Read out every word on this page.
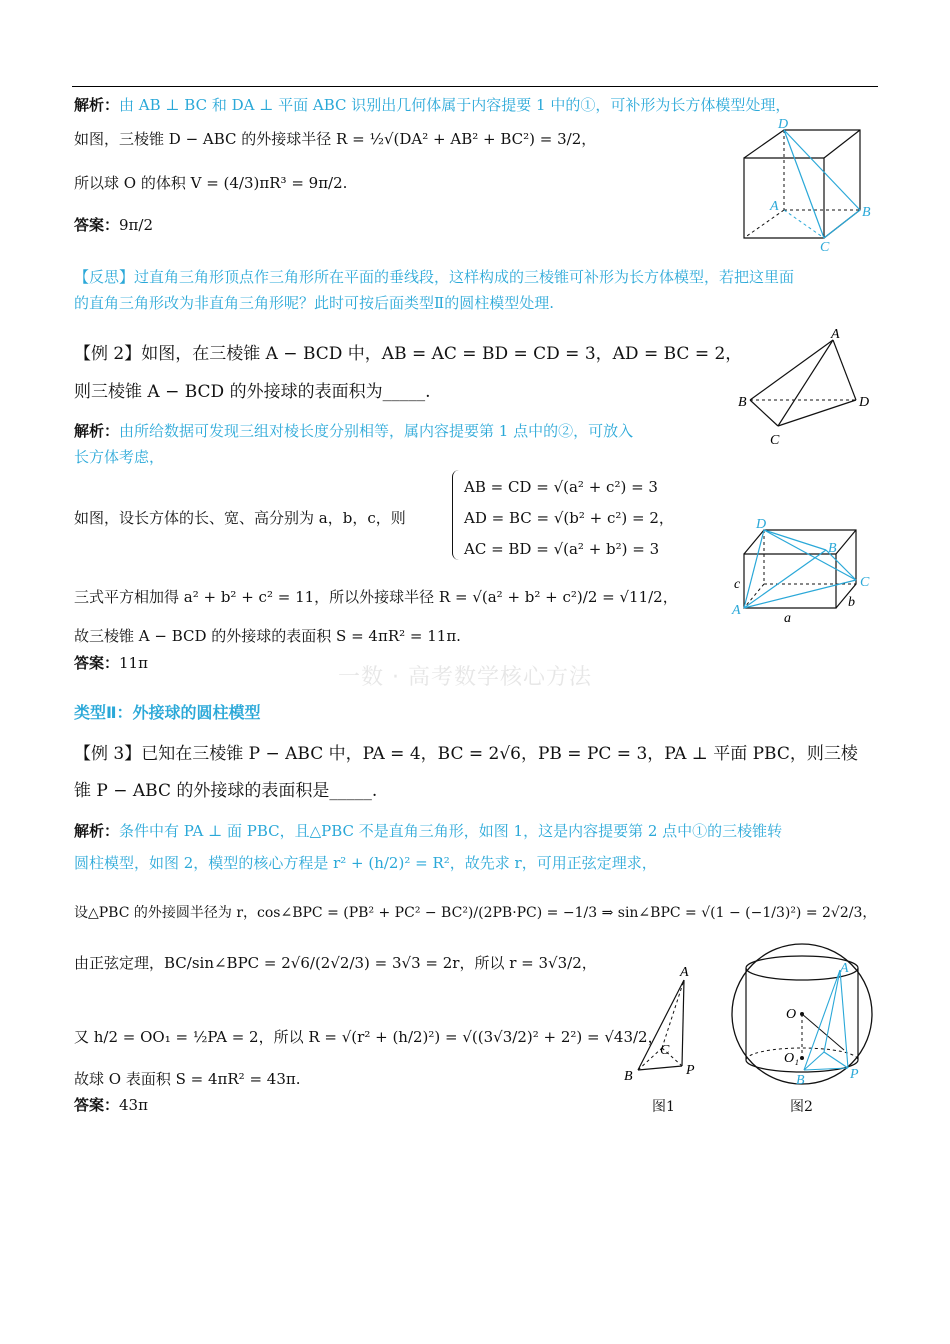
一数 · 高考数学核心方法
解析：由 AB ⊥ BC 和 DA ⊥ 平面 ABC 识别出几何体属于内容提要 1 中的①，可补形为长方体模型处理，
如图，三棱锥 D − ABC 的外接球半径 R = ½√(DA² + AB² + BC²) = 3/2，
所以球 O 的体积 V = (4/3)πR³ = 9π/2.
答案：9π/2
【反思】过直角三角形顶点作三角形所在平面的垂线段，这样构成的三棱锥可补形为长方体模型，若把这里面
的直角三角形改为非直角三角形呢？此时可按后面类型Ⅱ的圆柱模型处理.
【例 2】如图，在三棱锥 A − BCD 中，AB = AC = BD = CD = 3，AD = BC = 2，
则三棱锥 A − BCD 的外接球的表面积为_____.
解析：由所给数据可发现三组对棱长度分别相等，属内容提要第 1 点中的②，可放入
长方体考虑，
如图，设长方体的长、宽、高分别为 a，b，c，则
AB = CD = √(a² + c²) = 3
AD = BC = √(b² + c²) = 2，
AC = BD = √(a² + b²) = 3
三式平方相加得 a² + b² + c² = 11，所以外接球半径 R = √(a² + b² + c²)/2 = √11/2，
故三棱锥 A − BCD 的外接球的表面积 S = 4πR² = 11π.
答案：11π
类型Ⅱ：外接球的圆柱模型
【例 3】已知在三棱锥 P − ABC 中，PA = 4，BC = 2√6，PB = PC = 3，PA ⊥ 平面 PBC，则三棱
锥 P − ABC 的外接球的表面积是_____.
解析：条件中有 PA ⊥ 面 PBC，且△PBC 不是直角三角形，如图 1，这是内容提要第 2 点中①的三棱锥转
圆柱模型，如图 2，模型的核心方程是 r² + (h/2)² = R²，故先求 r，可用正弦定理求，
设△PBC 的外接圆半径为 r，cos∠BPC = (PB² + PC² − BC²)/(2PB·PC) = −1/3 ⇒ sin∠BPC = √(1 − (−1/3)²) = 2√2/3，
由正弦定理，BC/sin∠BPC = 2√6/(2√2/3) = 3√3 = 2r，所以 r = 3√3/2，
又 h/2 = OO₁ = ½PA = 2，所以 R = √(r² + (h/2)²) = √((3√3/2)² + 2²) = √43/2，
故球 O 表面积 S = 4πR² = 43π.
答案：43π
D
A	B
C
A
B
C
D
D
B
C
A
a
b
c
A
B
C
P
图1
A
O
O₁
B	P
图2
